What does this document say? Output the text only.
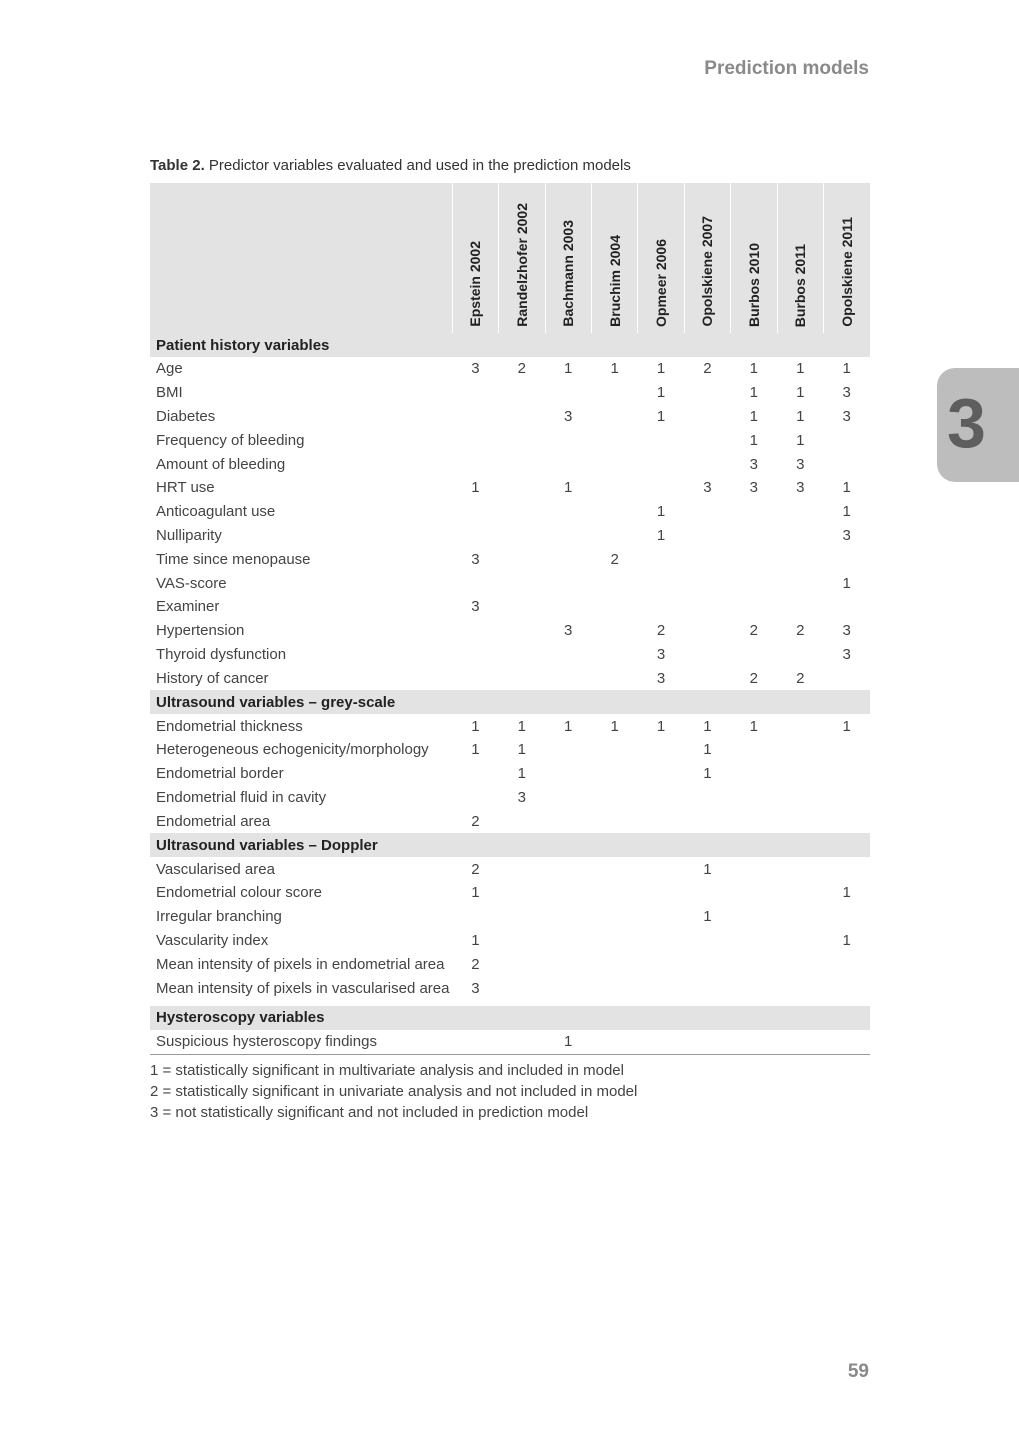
Prediction models
3
Table 2. Predictor variables evaluated and used in the prediction models

	Epstein 2002	Randelzhofer 2002	Bachmann 2003	Bruchim 2004	Opmeer 2006	Opolskiene 2007	Burbos 2010	Burbos 2011	Opolskiene 2011

Patient history variables									
Age	3	2	1	1	1	2	1	1	1
BMI					1		1	1	3
Diabetes			3		1		1	1	3
Frequency of bleeding							1	1	
Amount of bleeding							3	3	
HRT use	1		1			3	3	3	1
Anticoagulant use					1				1
Nulliparity					1				3
Time since menopause	3			2					
VAS-score									1
Examiner	3								
Hypertension			3		2		2	2	3
Thyroid dysfunction					3				3
History of cancer					3		2	2	
Ultrasound variables – grey-scale									
Endometrial thickness	1	1	1	1	1	1	1		1
Heterogeneous echogenicity/morphology	1	1				1			
Endometrial border		1				1			
Endometrial fluid in cavity		3							
Endometrial area	2								
Ultrasound variables – Doppler									
Vascularised area	2					1			
Endometrial colour score	1								1
Irregular branching						1			
Vascularity index	1								1
Mean intensity of pixels in endometrial area	2								
Mean intensity of pixels in vascularised area	3								

Hysteroscopy variables									
Suspicious hysteroscopy findings			1						
1 = statistically significant in multivariate analysis and included in model
2 = statistically significant in univariate analysis and not included in model
3 = not statistically significant and not included in prediction model
59
